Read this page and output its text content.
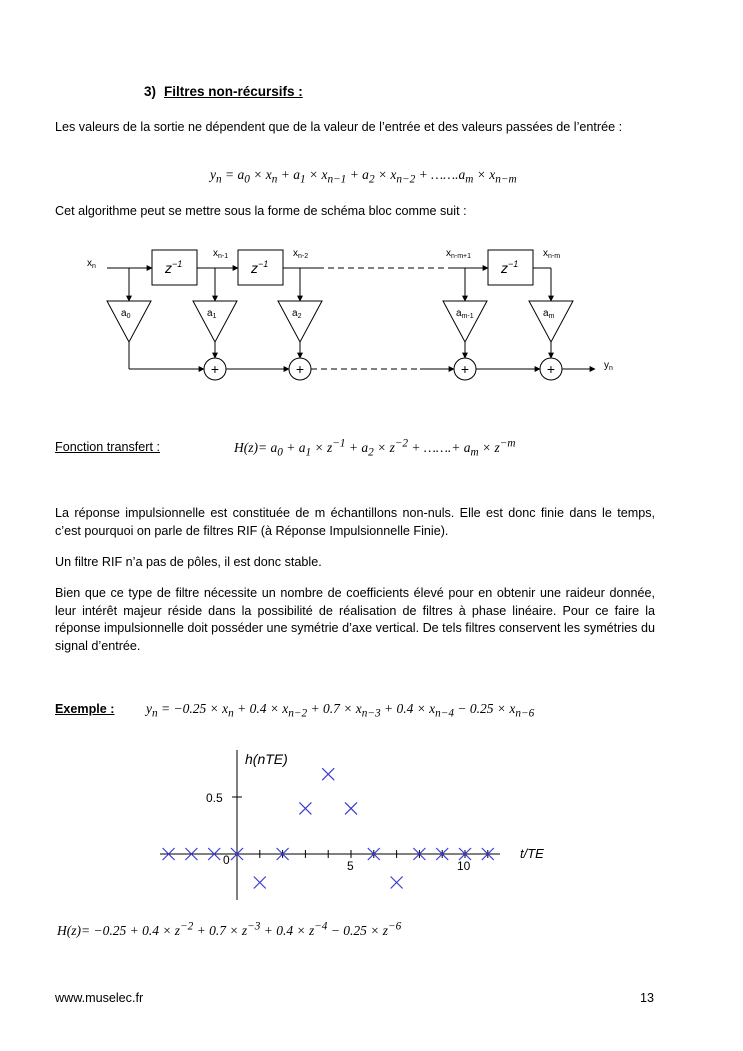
3) Filtres non-récursifs :

Les valeurs de la sortie ne dépendent que de la valeur de l’entrée et des valeurs passées de l’entrée :

$y_n = a_0 \times x_n + a_1 \times x_{n-1} + a_2 \times x_{n-2}$ + $\dots\dots.a_m \times x_{n-m}$

Cet algorithme peut se mettre sous la forme de schéma bloc comme suit :

+	+	+	+
$z^{-1}$	$z^{-1}$	$z^{-1}$
$x_n$
$x_{n-1}$	$x_{n-2}$	$x_{n-m+1}$	$x_{n-m}$
$a_0$	$a_1$	$a_2$	$a_{m-1}$	$a_m$
$y_n$
Fonction transfert :	$H(z)= a_0 + a_1 \times z^{-1} + a_2 \times z^{-2}$ + …….+ $a_m \times z^{-m}$

La réponse impulsionnelle est constituée de m échantillons non-nuls. Elle est donc finie dans le temps, c’est pourquoi on parle de filtres RIF (à Réponse Impulsionnelle Finie).

Un filtre RIF n’a pas de pôles, il est donc stable.

Bien que ce type de filtre nécessite un nombre de coefficients élevé pour en obtenir une raideur donnée, leur intérêt majeur réside dans la possibilité de réalisation de filtres à phase linéaire. Pour ce faire la réponse impulsionnelle doit posséder une symétrie d’axe vertical. De tels filtres conservent les symétries du signal d’entrée.

Exemple : $y_n = -0.25 \times x_n + 0.4 \times x_{n-2} + 0.7 \times x_{n-3} + 0.4 \times x_{n-4} - 0.25 \times x_{n-6}$
h(nTE)
t/TE
0.5
0	5	10
$H(z)= -0.25 + 0.4 \times z^{-2} + 0.7 \times z^{-3} + 0.4 \times z^{-4} - 0.25 \times z^{-6}$
www.muselec.fr	13
